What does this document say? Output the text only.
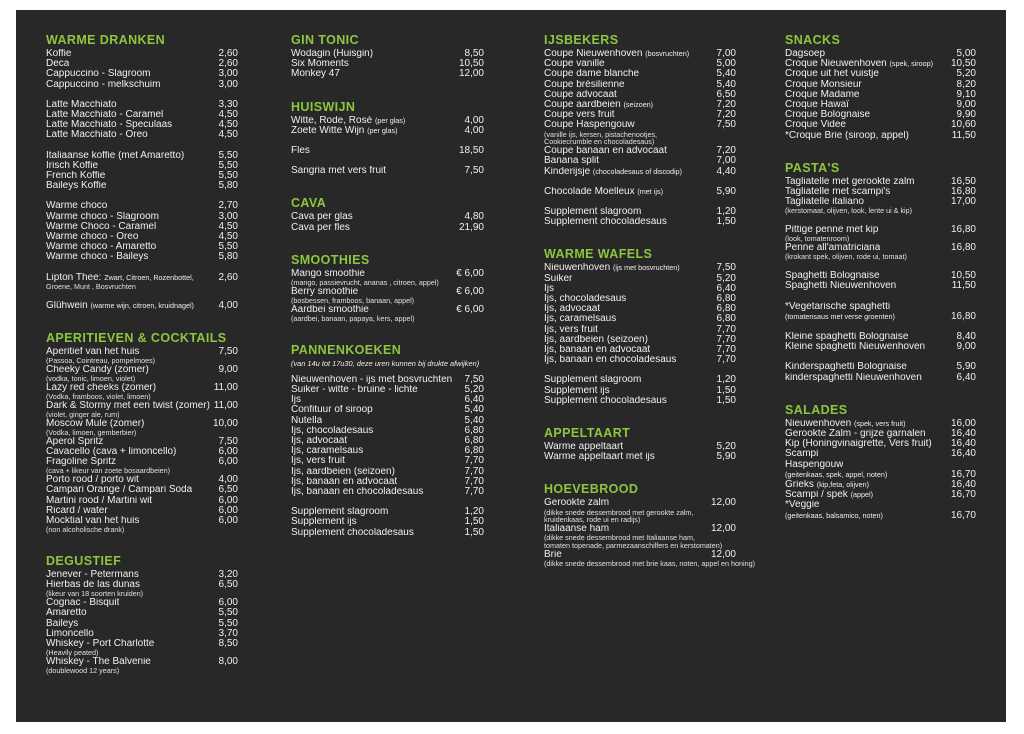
WARME DRANKEN
Koffie	2,60
Deca	2,60
Cappuccino - Slagroom	3,00
Cappuccino - melkschuim	3,00
Latte Macchiato	3,30
Latte Macchiato - Caramel	4,50
Latte Macchiato - Speculaas	4,50
Latte Macchiato - Oreo	4,50
Italiaanse koffie (met Amaretto)	5,50
Irisch Koffie	5,50
French Koffie	5,50
Baileys Koffie	5,80
Warme choco	2,70
Warme choco - Slagroom	3,00
Warme Choco - Caramel	4,50
Warme choco - Oreo	4,50
Warme choco - Amaretto	5,50
Warme choco - Baileys	5,80
Lipton Thee: Zwart, Citroen, Rozenbottel, 2,60
Groene, Munt , Bosvruchten
Glühwein (warme wijn, citroen, kruidnagel) 4,00
APERITIEVEN & COCKTAILS
Aperitief van het huis	7,50
(Passoa, Cointreau, pompelmoes)
Cheeky Candy (zomer)	9,00
(vodka, tonic, limoen, violet)
Lazy red cheeks (zomer)	11,00
(Vodka, framboos, violet, limoen)
Dark & Stormy met een twist (zomer) 11,00
(violet, ginger ale, rum)
Moscow Mule (zomer)	10,00
(Vodka, limoen, gemberbier)
Aperol Spritz	7,50
Cavacello (cava + limoncello)	6,00
Fragoline Spritz	6,00
(cava + likeur van zoete bosaardbeien)
Porto rood / porto wit	4,00
Campari Orange / Campari Soda	6,50
Martini rood / Martini wit	6,00
Ricard / water	6,00
Mocktial van het huis	6,00
(non alcoholische drank)
DEGUSTIEF
Jenever - Petermans	3,20
Hierbas de las dunas	6,50
(likeur van 18 soorten kruiden)
Cognac - Bisquit	6,00
Amaretto	5,50
Baileys	5,50
Limoncello	3,70
Whiskey - Port Charlotte	8,50
(Heavily peated)
Whiskey - The Balvenie	8,00
(doublewood 12 years)
GIN TONIC
Wodagin (Huisgin)	8,50
Six Moments	10,50
Monkey 47	12,00
HUISWIJN
Witte, Rode, Rosé (per glas)	4,00
Zoete Witte Wijn (per glas)	4,00
Fles	18,50
Sangria met vers fruit	7,50
CAVA
Cava per glas	4,80
Cava per fles	21,90
SMOOTHIES
Mango smoothie	€ 6,00
(mango, passievrucht, ananas , citroen, appel)
Berry smoothie	€ 6,00
(bosbessen, framboos, banaan, appel)
Aardbei smoothie	€ 6,00
(aardbei, banaan, papaya, kers, appel)
PANNENKOEKEN
(van 14u tot 17u30, deze uren kunnen bij drukte afwijken)
Nieuwenhoven - ijs met bosvruchten 7,50
Suiker - witte - bruine - lichte	5,20
Ijs	6,40
Confituur of siroop	5,40
Nutella	5,40
Ijs, chocoladesaus	6,80
Ijs, advocaat	6,80
Ijs, caramelsaus	6,80
Ijs, vers fruit	7,70
Ijs, aardbeien (seizoen)	7,70
Ijs, banaan en advocaat	7,70
Ijs, banaan en chocoladesaus	7,70
Supplement slagroom	1,20
Supplement ijs	1,50
Supplement chocoladesaus	1,50
IJSBEKERS
Coupe Nieuwenhoven (bosvruchten)	7,00
Coupe vanille	5,00
Coupe dame blanche	5,40
Coupe brésilienne	5,40
Coupe advocaat	6,50
Coupe aardbeien (seizoen)	7,20
Coupe vers fruit	7,20
Coupe Haspengouw	7,50
(vanille ijs, kersen, pistachenootjes,
Cookiecrumble en chocoladesaus)
Coupe banaan en advocaat	7,20
Banana split	7,00
Kinderijsje (chocoladesaus of discodip)	4,40
Chocolade Moelleux (met ijs)	5,90
Supplement slagroom	1,20
Supplement chocoladesaus	1,50
WARME WAFELS
Nieuwenhoven (ijs met bosvruchten)	7,50
Suiker	5,20
Ijs	6,40
Ijs, chocoladesaus	6,80
Ijs, advocaat	6,80
Ijs, caramelsaus	6,80
Ijs, vers fruit	7,70
Ijs, aardbeien (seizoen)	7,70
Ijs, banaan en advocaat	7,70
Ijs, banaan en chocoladesaus	7,70
Supplement slagroom	1,20
Supplement ijs	1,50
Supplement chocoladesaus	1,50
APPELTAART
Warme appeltaart	5,20
Warme appeltaart met ijs	5,90
HOEVEBROOD
Gerookte zalm	12,00
(dikke snede dessembrood met gerookte zalm,
kruidenkaas, rode ui en radijs)
Italiaanse ham	12,00
(dikke snede dessembrood met Italiaanse ham,
tomaten topenade, parmezaanschilfers en kerstomaten)
Brie	12,00
(dikke snede dessembrood met brie kaas, noten, appel en honing)
SNACKS
Dagsoep	5,00
Croque Nieuwenhoven (spek, siroop) 10,50
Croque uit het vuistje	5,20
Croque Monsieur	8,20
Croque Madame	9,10
Croque Hawaï	9,00
Croque Bolognaise	9,90
Croque Videe	10,60
*Croque Brie (siroop, appel)	11,50
PASTA'S
Tagliatelle met gerookte zalm	16,50
Tagliatelle met scampi's	16,80
Tagliatelle italiano	17,00
(kerstomaat, olijven, look, lente ui & kip)
Pittige penne met kip	16,80
(look, tomatenroom)
Penne all'amatriciana	16,80
(krokant spek, olijven, rode ui, tomaat)
Spaghetti Bolognaise	10,50
Spaghetti Nieuwenhoven	11,50
*Vegetarische spaghetti
(tomatensaus met verse groenten)	16,80
Kleine spaghetti Bolognaise	8,40
Kleine spaghetti Nieuwenhoven	9,00
Kinderspaghetti Bolognaise	5,90
kinderspaghetti Nieuwenhoven	6,40
SALADES
Nieuwenhoven (spek, vers fruit)	16,00
Gerookte Zalm - grijze garnalen	16,40
Kip (Honingvinaigrette, Vers fruit) 16,40
Scampi	16,40
Haspengouw
(geitenkaas, spek, appel, noten)	16,70
Grieks (kip,feta, olijven)	16,40
Scampi / spek (appel)	16,70
*Veggie
(geitenkaas, balsamico, noten)	16,70
